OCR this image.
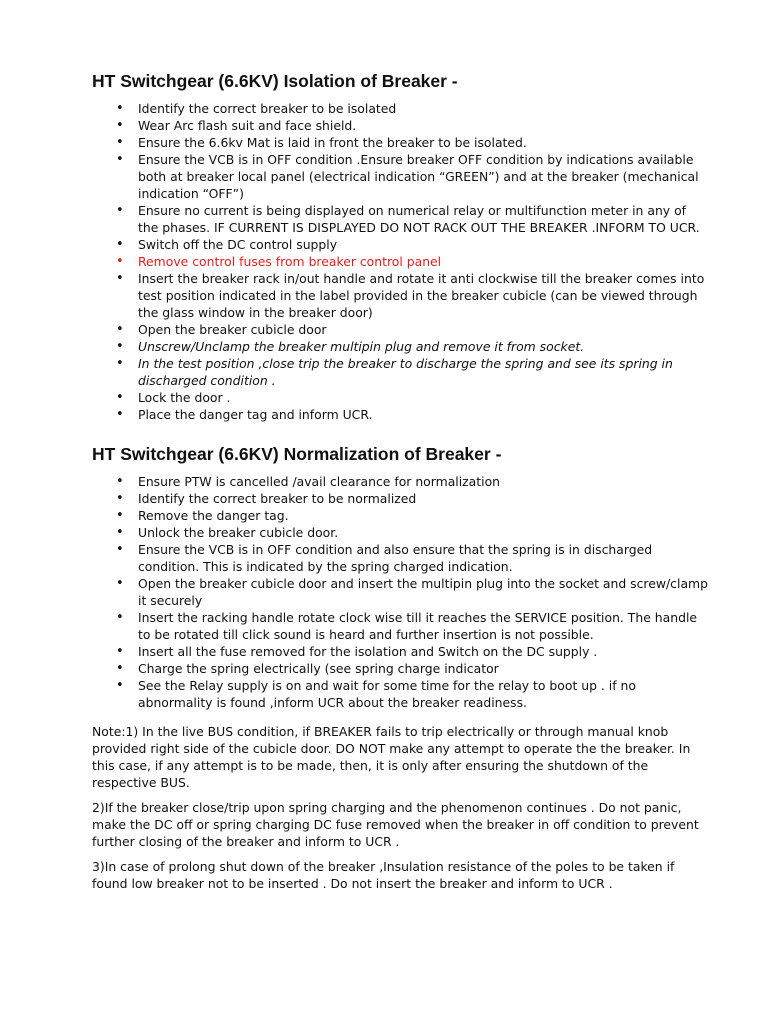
HT Switchgear (6.6KV) Isolation of Breaker -
• Identify the correct breaker to be isolated
• Wear Arc flash suit and face shield.
• Ensure the 6.6kv Mat is laid in front the breaker to be isolated.
• Ensure the VCB is in OFF condition .Ensure breaker OFF condition by indications available both at breaker local panel (electrical indication “GREEN”) and at the breaker (mechanical indication “OFF”)
• Ensure no current is being displayed on numerical relay or multifunction meter in any of the phases. IF CURRENT IS DISPLAYED DO NOT RACK OUT THE BREAKER .INFORM TO UCR.
• Switch off the DC control supply
• Remove control fuses from breaker control panel
• Insert the breaker rack in/out handle and rotate it anti clockwise till the breaker comes into test position indicated in the label provided in the breaker cubicle (can be viewed through the glass window in the breaker door)
• Open the breaker cubicle door
• Unscrew/Unclamp the breaker multipin plug and remove it from socket.
• In the test position ,close trip the breaker to discharge the spring and see its spring in discharged condition .
• Lock the door .
• Place the danger tag and inform UCR.
HT Switchgear (6.6KV) Normalization of Breaker -
• Ensure PTW is cancelled /avail clearance for normalization
• Identify the correct breaker to be normalized
• Remove the danger tag.
• Unlock the breaker cubicle door.
• Ensure the VCB is in OFF condition and also ensure that the spring is in discharged condition. This is indicated by the spring charged indication.
• Open the breaker cubicle door and insert the multipin plug into the socket and screw/clamp it securely
• Insert the racking handle rotate clock wise till it reaches the SERVICE position. The handle to be rotated till click sound is heard and further insertion is not possible.
• Insert all the fuse removed for the isolation and Switch on the DC supply .
• Charge the spring electrically (see spring charge indicator
• See the Relay supply is on and wait for some time for the relay to boot up . if no abnormality is found ,inform UCR about the breaker readiness.

Note:1) In the live BUS condition, if BREAKER fails to trip electrically or through manual knob provided right side of the cubicle door. DO NOT make any attempt to operate the the breaker. In this case, if any attempt is to be made, then, it is only after ensuring the shutdown of the respective BUS.

2)If the breaker close/trip upon spring charging and the phenomenon continues . Do not panic, make the DC off or spring charging DC fuse removed when the breaker in off condition to prevent further closing of the breaker and inform to UCR .

3)In case of prolong shut down of the breaker ,Insulation resistance of the poles to be taken if found low breaker not to be inserted . Do not insert the breaker and inform to UCR .
